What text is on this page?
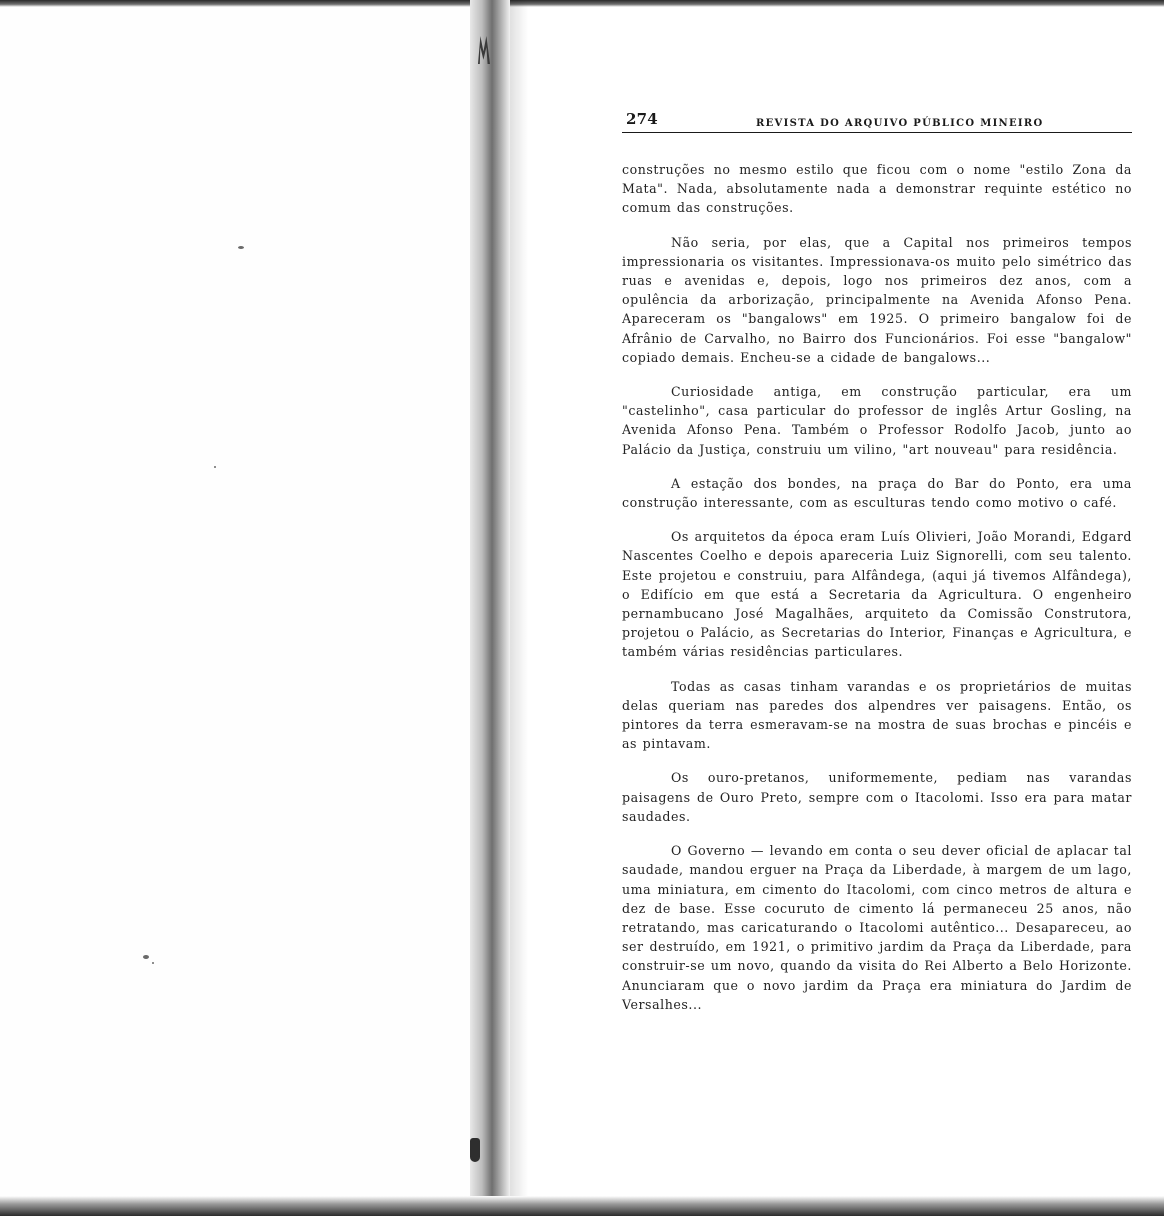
274	REVISTA DO ARQUIVO PÚBLICO MINEIRO

construções no mesmo estilo que ficou com o nome "estilo Zona da Mata". Nada, absolutamente nada a demonstrar requinte estético no comum das construções.

Não seria, por elas, que a Capital nos primeiros tempos impressionaria os visitantes. Impressionava-os muito pelo simétrico das ruas e avenidas e, depois, logo nos primeiros dez anos, com a opulência da arborização, principalmente na Avenida Afonso Pena. Apareceram os "bangalows" em 1925. O primeiro bangalow foi de Afrânio de Carvalho, no Bairro dos Funcionários. Foi esse "bangalow" copiado demais. Encheu-se a cidade de bangalows...

Curiosidade antiga, em construção particular, era um "castelinho", casa particular do professor de inglês Artur Gosling, na Avenida Afonso Pena. Também o Professor Rodolfo Jacob, junto ao Palácio da Justiça, construiu um vilino, "art nouveau" para residência.

A estação dos bondes, na praça do Bar do Ponto, era uma construção interessante, com as esculturas tendo como motivo o café.

Os arquitetos da época eram Luís Olivieri, João Morandi, Edgard Nascentes Coelho e depois apareceria Luiz Signorelli, com seu talento. Este projetou e construiu, para Alfândega, (aqui já tivemos Alfândega), o Edifício em que está a Secretaria da Agricultura. O engenheiro pernambucano José Magalhães, arquiteto da Comissão Construtora, projetou o Palácio, as Secretarias do Interior, Finanças e Agricultura, e também várias residências particulares.

Todas as casas tinham varandas e os proprietários de muitas delas queriam nas paredes dos alpendres ver paisagens. Então, os pintores da terra esmeravam-se na mostra de suas brochas e pincéis e as pintavam.

Os ouro-pretanos, uniformemente, pediam nas varandas paisagens de Ouro Preto, sempre com o Itacolomi. Isso era para matar saudades.

O Governo — levando em conta o seu dever oficial de aplacar tal saudade, mandou erguer na Praça da Liberdade, à margem de um lago, uma miniatura, em cimento do Itacolomi, com cinco metros de altura e dez de base. Esse cocuruto de cimento lá permaneceu 25 anos, não retratando, mas caricaturando o Itacolomi autêntico... Desapareceu, ao ser destruído, em 1921, o primitivo jardim da Praça da Liberdade, para construir-se um novo, quando da visita do Rei Alberto a Belo Horizonte. Anunciaram que o novo jardim da Praça era miniatura do Jardim de Versalhes...
